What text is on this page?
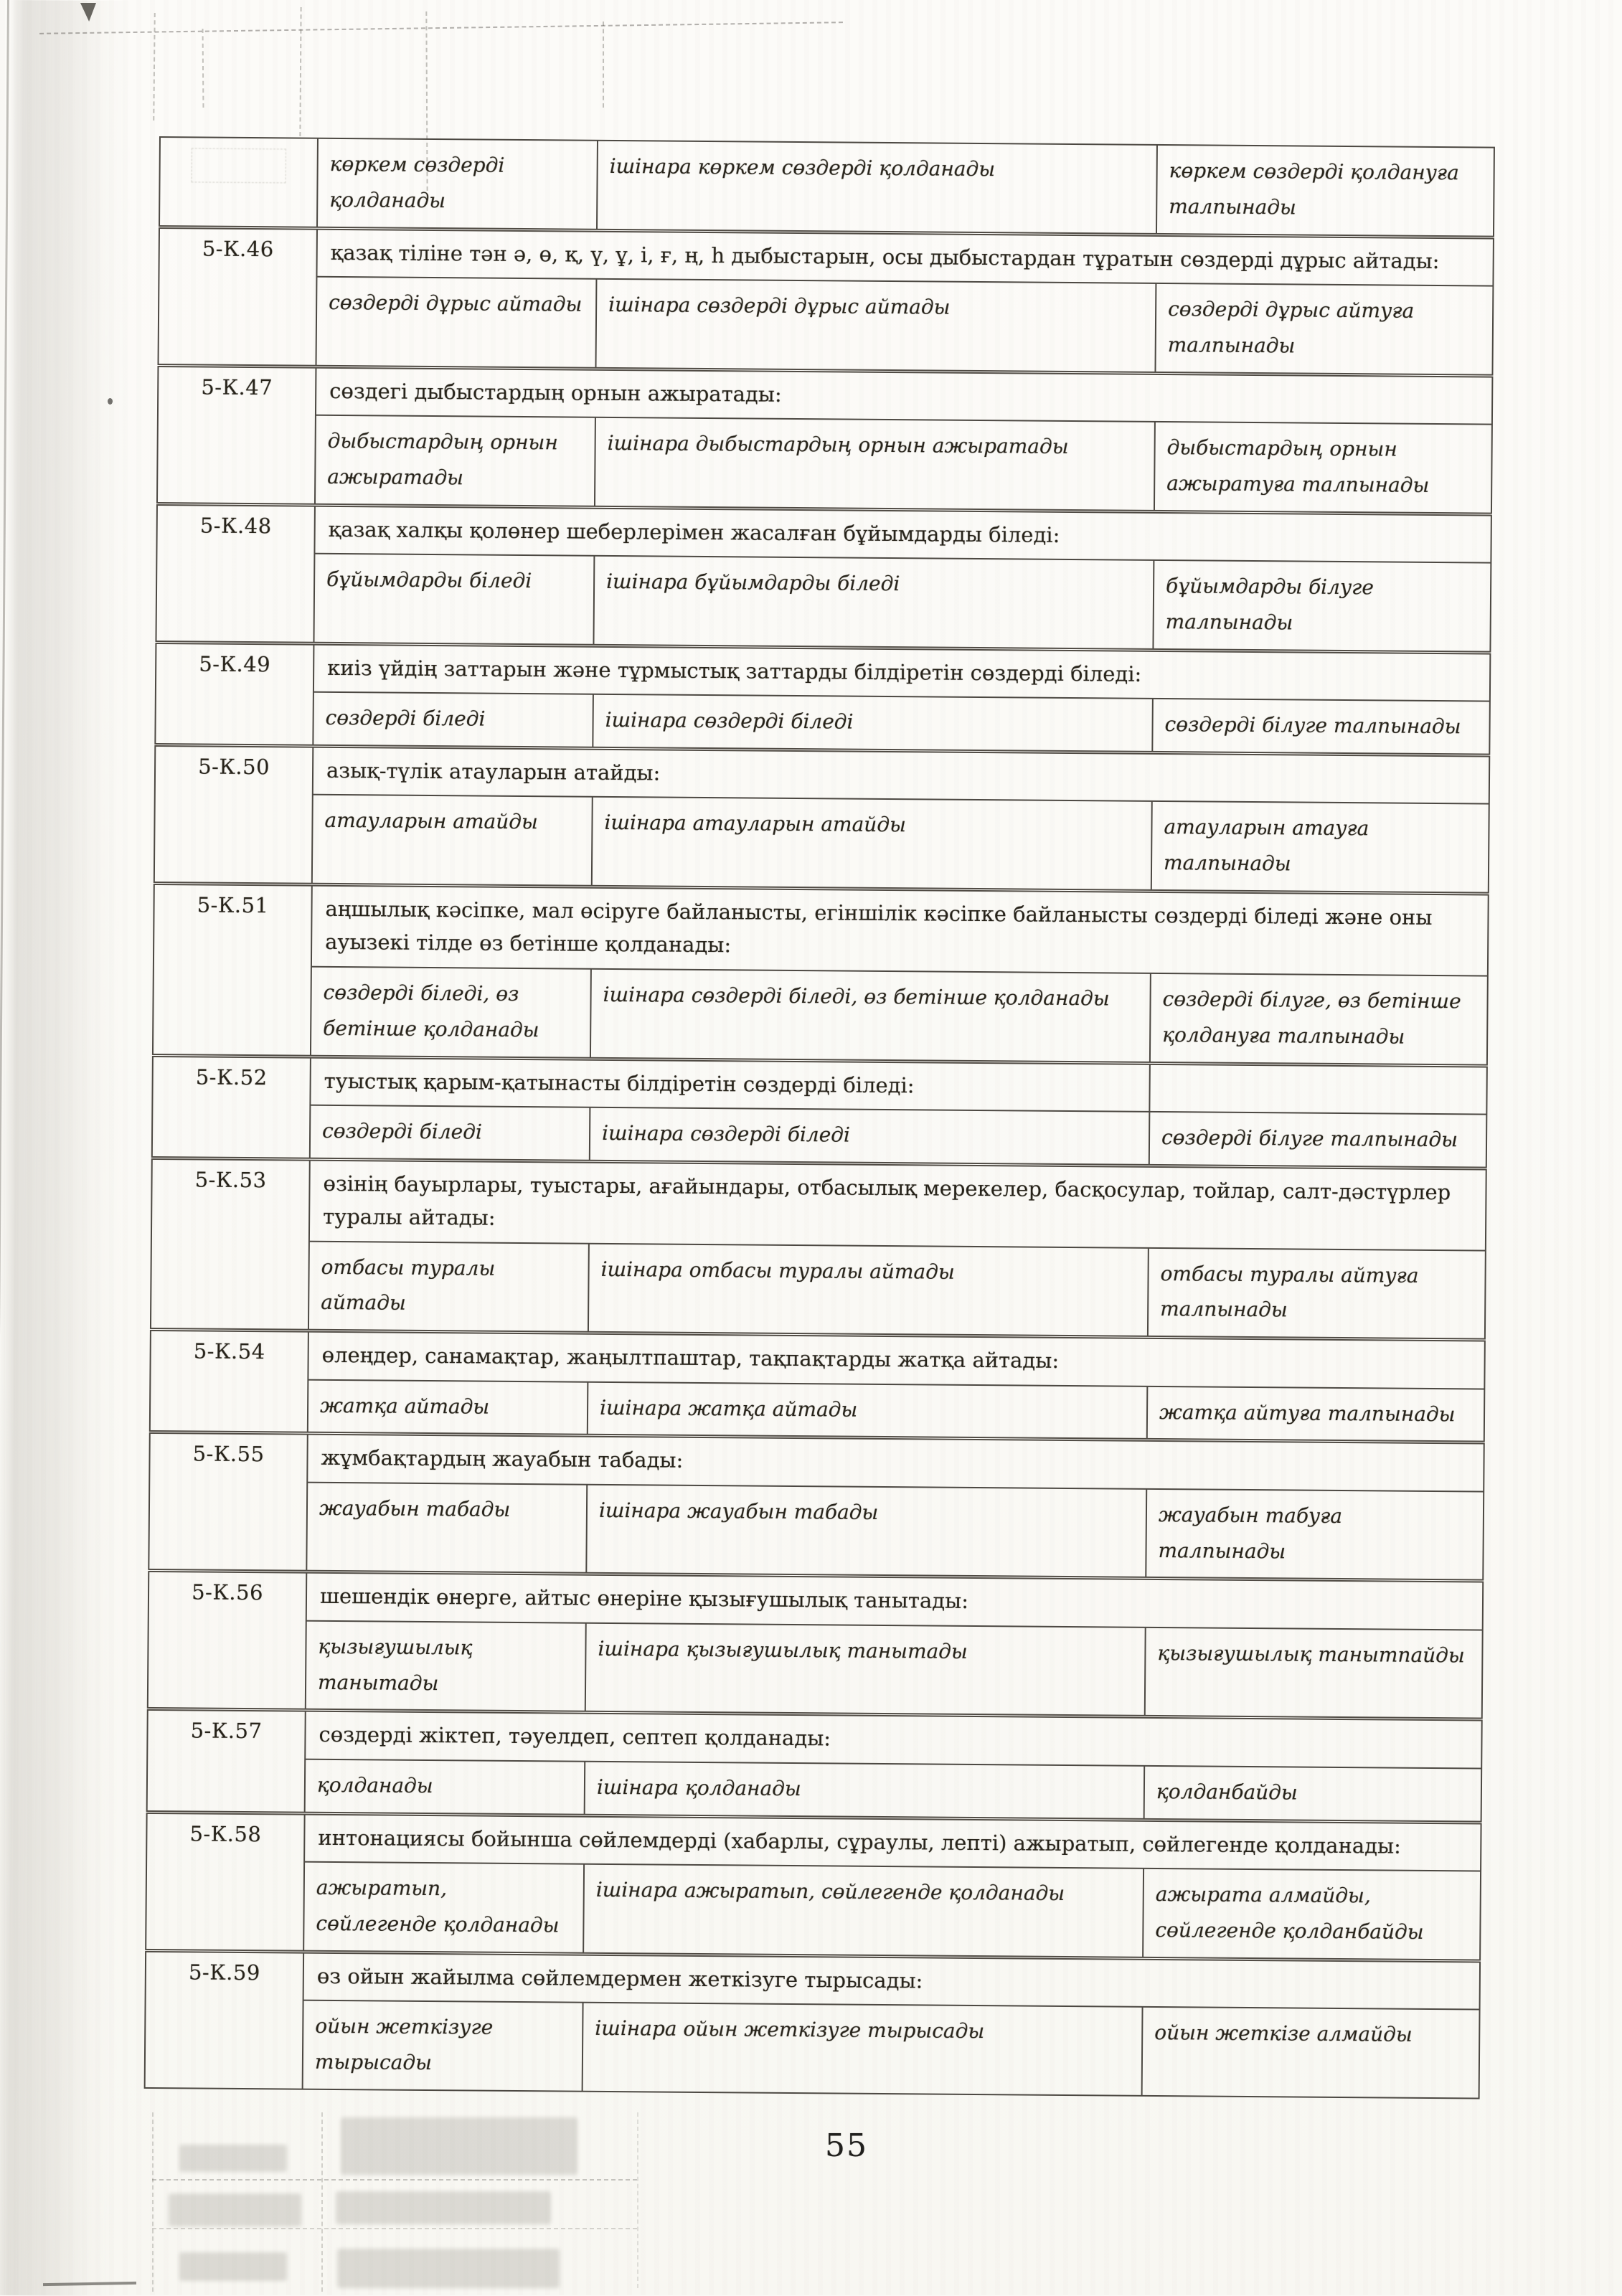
	көркем сөздерді қолданады	ішінара көркем сөздерді қолданады	көркем сөздерді қолдануға талпынады
5-К.46	қазақ тіліне тән ә, ө, қ, ү, ұ, і, ғ, ң, һ дыбыстарын, осы дыбыстардан тұратын сөздерді дұрыс айтады:		
	сөздерді дұрыс айтады	ішінара сөздерді дұрыс айтады	сөздерді дұрыс айтуға талпынады
5-К.47	сөздегі дыбыстардың орнын ажыратады:		
	дыбыстардың орнын ажыратады	ішінара дыбыстардың орнын ажыратады	дыбыстардың орнын ажыратуға талпынады
5-К.48	қазақ халқы қолөнер шеберлерімен жасалған бұйымдарды біледі:		
	бұйымдарды біледі	ішінара бұйымдарды біледі	бұйымдарды білуге талпынады
5-К.49	киіз үйдің заттарын және тұрмыстық заттарды білдіретін сөздерді біледі:		
	сөздерді біледі	ішінара сөздерді біледі	сөздерді білуге талпынады
5-К.50	азық-түлік атауларын атайды:		
	атауларын атайды	ішінара атауларын атайды	атауларын атауға талпынады
5-К.51	аңшылық кәсіпке, мал өсіруге байланысты, егіншілік кәсіпке байланысты сөздерді біледі және оны ауызекі тілде өз бетінше қолданады:		
	сөздерді біледі, өз бетінше қолданады	ішінара сөздерді біледі, өз бетінше қолданады	сөздерді білуге, өз бетінше қолдануға талпынады
5-К.52	туыстық қарым-қатынасты білдіретін сөздерді біледі:		
	сөздерді біледі	ішінара сөздерді біледі	сөздерді білуге талпынады
5-К.53	өзінің бауырлары, туыстары, ағайындары, отбасылық мерекелер, басқосулар, тойлар, салт-дәстүрлер туралы айтады:		
	отбасы туралы айтады	ішінара отбасы туралы айтады	отбасы туралы айтуға талпынады
5-К.54	өлеңдер, санамақтар, жаңылтпаштар, тақпақтарды жатқа айтады:		
	жатқа айтады	ішінара жатқа айтады	жатқа айтуға талпынады
5-К.55	жұмбақтардың жауабын табады:		
	жауабын табады	ішінара жауабын табады	жауабын табуға талпынады
5-К.56	шешендік өнерге, айтыс өнеріне қызығушылық танытады:		
	қызығушылық танытады	ішінара қызығушылық танытады	қызығушылық танытпайды
5-К.57	сөздерді жіктеп, тәуелдеп, септеп қолданады:		
	қолданады	ішінара қолданады	қолданбайды
5-К.58	интонациясы бойынша сөйлемдерді (хабарлы, сұраулы, лепті) ажыратып, сөйлегенде қолданады:		
	ажыратып, сөйлегенде қолданады	ішінара ажыратып, сөйлегенде қолданады	ажырата алмайды, сөйлегенде қолданбайды
5-К.59	өз ойын жайылма сөйлемдермен жеткізуге тырысады:		
	ойын жеткізуге тырысады	ішінара ойын жеткізуге тырысады	ойын жеткізе алмайды
55
